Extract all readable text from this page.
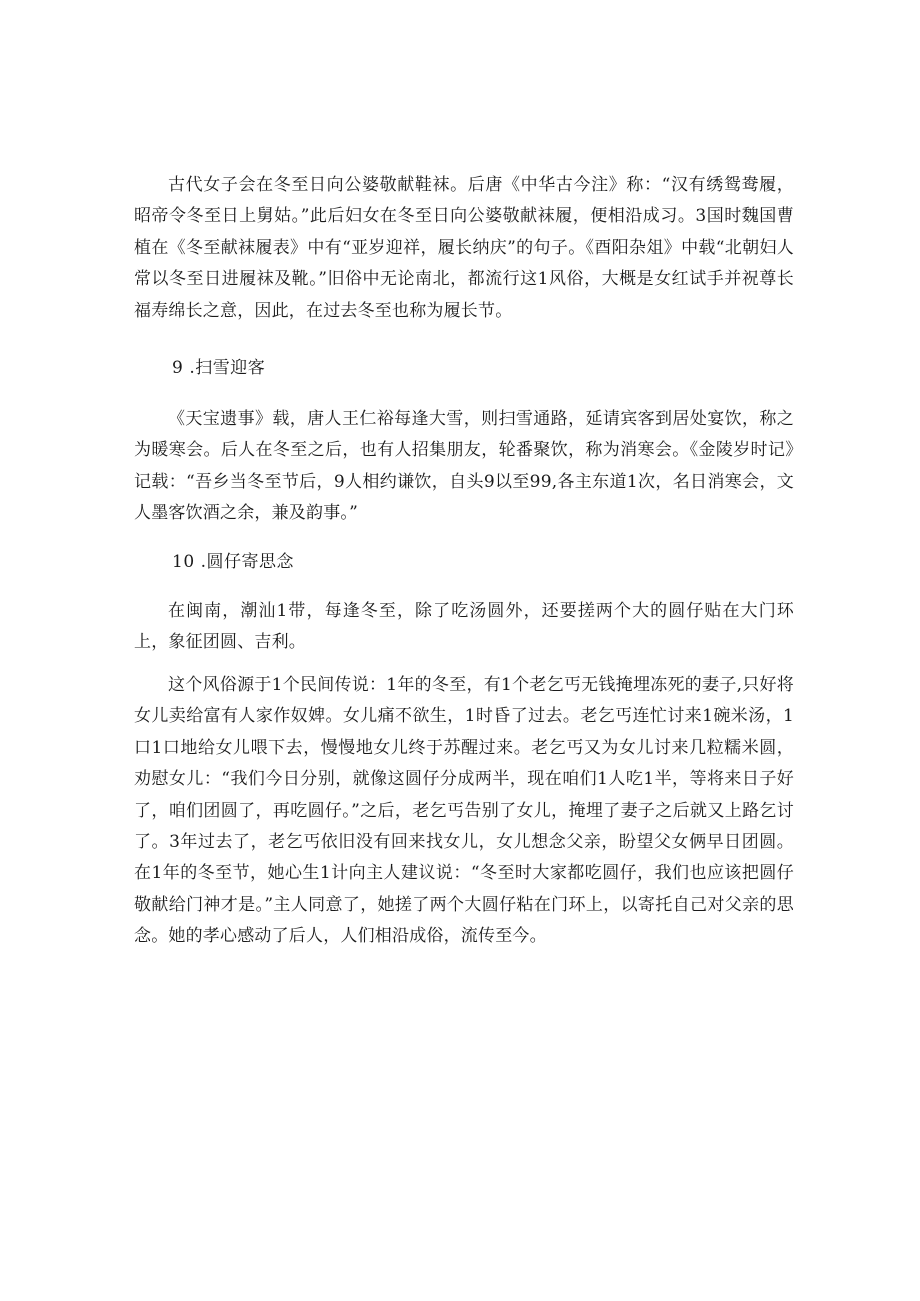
古代女子会在冬至日向公婆敬献鞋袜。后唐《中华古今注》称：“汉有绣鸳鸯履，昭帝令冬至日上舅姑。”此后妇女在冬至日向公婆敬献袜履，便相沿成习。3国时魏国曹植在《冬至献袜履表》中有“亚岁迎祥，履长纳庆”的句子。《酉阳杂俎》中载“北朝妇人常以冬至日进履袜及靴。”旧俗中无论南北，都流行这1风俗，大概是女红试手并祝尊长福寿绵长之意，因此，在过去冬至也称为履长节。

9 .扫雪迎客

《天宝遗事》载，唐人王仁裕每逢大雪，则扫雪通路，延请宾客到居处宴饮，称之为暖寒会。后人在冬至之后，也有人招集朋友，轮番聚饮，称为消寒会。《金陵岁时记》记载：“吾乡当冬至节后，9人相约谦饮，自头9以至99,各主东道1次，名日消寒会，文人墨客饮酒之余，兼及韵事。”

10 .圆仔寄思念

在闽南，潮汕1带，每逢冬至，除了吃汤圆外，还要搓两个大的圆仔贴在大门环上，象征团圆、吉利。

这个风俗源于1个民间传说：1年的冬至，有1个老乞丐无钱掩埋冻死的妻子,只好将女儿卖给富有人家作奴婢。女儿痛不欲生，1时昏了过去。老乞丐连忙讨来1碗米汤，1口1口地给女儿喂下去，慢慢地女儿终于苏醒过来。老乞丐又为女儿讨来几粒糯米圆，劝慰女儿：“我们今日分别，就像这圆仔分成两半，现在咱们1人吃1半，等将来日子好了，咱们团圆了，再吃圆仔。”之后，老乞丐告别了女儿，掩埋了妻子之后就又上路乞讨了。3年过去了，老乞丐依旧没有回来找女儿，女儿想念父亲，盼望父女俩早日团圆。在1年的冬至节，她心生1计向主人建议说：“冬至时大家都吃圆仔，我们也应该把圆仔敬献给门神才是。”主人同意了，她搓了两个大圆仔粘在门环上，以寄托自己对父亲的思念。她的孝心感动了后人，人们相沿成俗，流传至今。
